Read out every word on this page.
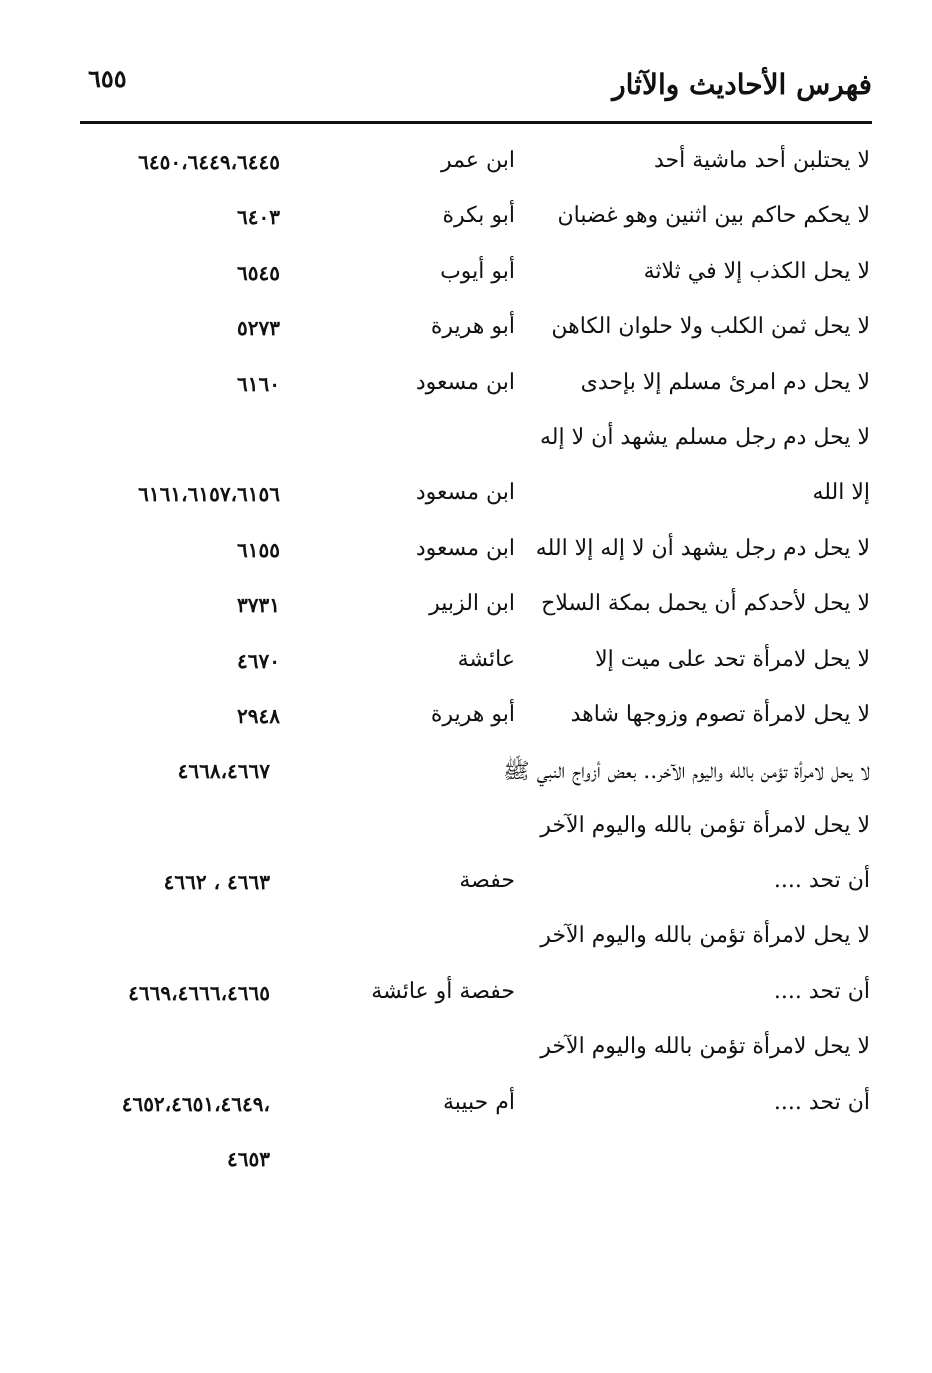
فهرس الأحاديث والآثار
٦٥٥
لا يحتلبن أحد ماشية أحد
ابن عمر
٦٤٥٠،٦٤٤٩،٦٤٤٥
لا يحكم حاكم بين اثنين وهو غضبان
أبو بكرة
٦٤٠٣
لا يحل الكذب إلا في ثلاثة
أبو أيوب
٦٥٤٥
لا يحل ثمن الكلب ولا حلوان الكاهن
أبو هريرة
٥٢٧٣
لا يحل دم امرئ مسلم إلا بإحدى
ابن مسعود
٦١٦٠
لا يحل دم رجل مسلم يشهد أن لا إله
إلا الله
ابن مسعود
٦١٦١،٦١٥٧،٦١٥٦
لا يحل دم رجل يشهد أن لا إله إلا الله
ابن مسعود
٦١٥٥
لا يحل لأحدكم أن يحمل بمكة السلاح
ابن الزبير
٣٧٣١
لا يحل لامرأة تحد على ميت إلا
عائشة
٤٦٧٠
لا يحل لامرأة تصوم وزوجها شاهد
أبو هريرة
٢٩٤٨
لا يحل لامرأة تؤمن بالله واليوم الآخر.. بعض أزواج النبي ﷺ
٤٦٦٨،٤٦٦٧
لا يحل لامرأة تؤمن بالله واليوم الآخر
أن تحد ....
حفصة
٤٦٦٣ ، ٤٦٦٢
لا يحل لامرأة تؤمن بالله واليوم الآخر
أن تحد ....
حفصة أو عائشة
٤٦٦٩،٤٦٦٦،٤٦٦٥
لا يحل لامرأة تؤمن بالله واليوم الآخر
أن تحد ....
أم حبيبة
،٤٦٥٢،٤٦٥١،٤٦٤٩
٤٦٥٣
